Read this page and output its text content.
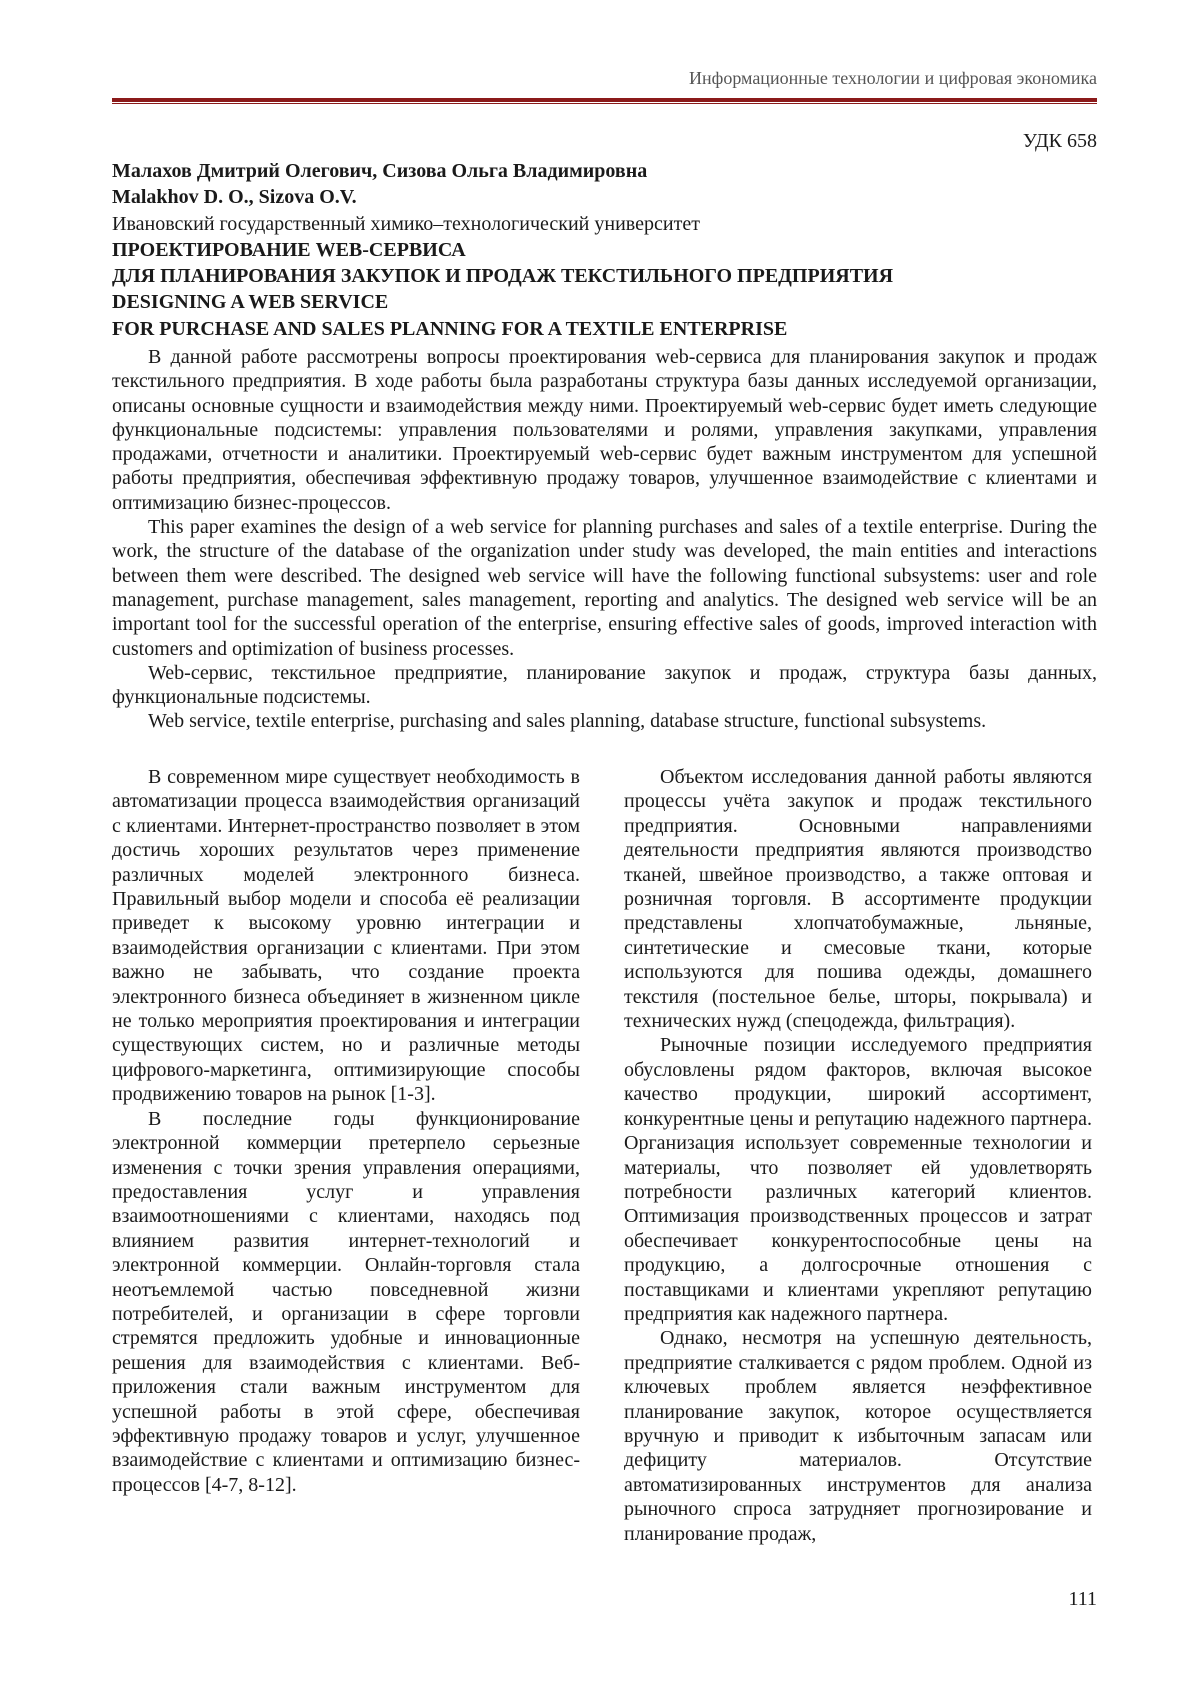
Информационные технологии и цифровая экономика
УДК 658
Малахов Дмитрий Олегович, Сизова Ольга Владимировна
Malakhov D. O., Sizova O.V.
Ивановский государственный химико–технологический университет
ПРОЕКТИРОВАНИЕ WEB-СЕРВИСА
ДЛЯ ПЛАНИРОВАНИЯ ЗАКУПОК И ПРОДАЖ ТЕКСТИЛЬНОГО ПРЕДПРИЯТИЯ
DESIGNING A WEB SERVICE
FOR PURCHASE AND SALES PLANNING FOR A TEXTILE ENTERPRISE

В данной работе рассмотрены вопросы проектирования web-сервиса для планирования закупок и продаж текстильного предприятия. В ходе работы была разработаны структура базы данных исследуемой организации, описаны основные сущности и взаимодействия между ними. Проектируемый web-сервис будет иметь следующие функциональные подсистемы: управления пользователями и ролями, управления закупками, управления продажами, отчетности и аналитики. Проектируемый web-сервис будет важным инструментом для успешной работы предприятия, обеспечивая эффективную продажу товаров, улучшенное взаимодействие с клиентами и оптимизацию бизнес-процессов.

This paper examines the design of a web service for planning purchases and sales of a textile enterprise. During the work, the structure of the database of the organization under study was developed, the main entities and interactions between them were described. The designed web service will have the following functional subsystems: user and role management, purchase management, sales management, reporting and analytics. The designed web service will be an important tool for the successful operation of the enterprise, ensuring effective sales of goods, improved interaction with customers and optimization of business processes.

Web-сервис, текстильное предприятие, планирование закупок и продаж, структура базы данных, функциональные подсистемы.

Web service, textile enterprise, purchasing and sales planning, database structure, functional subsystems.

В современном мире существует необходимость в автоматизации процесса взаимодействия организаций с клиентами. Интернет-пространство позволяет в этом достичь хороших результатов через применение различных моделей электронного бизнеса. Правильный выбор модели и способа её реализации приведет к высокому уровню интеграции и взаимодействия организации с клиентами. При этом важно не забывать, что создание проекта электронного бизнеса объединяет в жизненном цикле не только мероприятия проектирования и интеграции существующих систем, но и различные методы цифрового-маркетинга, оптимизирующие способы продвижению товаров на рынок [1-3].

В последние годы функционирование электронной коммерции претерпело серьезные изменения с точки зрения управления операциями, предоставления услуг и управления взаимоотношениями с клиентами, находясь под влиянием развития интернет-технологий и электронной коммерции. Онлайн-торговля стала неотъемлемой частью повседневной жизни потребителей, и организации в сфере торговли стремятся предложить удобные и инновационные решения для взаимодействия с клиентами. Веб-приложения стали важным инструментом для успешной работы в этой сфере, обеспечивая эффективную продажу товаров и услуг, улучшенное взаимодействие с клиентами и оптимизацию бизнес-процессов [4-7, 8-12].

Объектом исследования данной работы являются процессы учёта закупок и продаж текстильного предприятия. Основными направлениями деятельности предприятия являются производство тканей, швейное производство, а также оптовая и розничная торговля. В ассортименте продукции представлены хлопчатобумажные, льняные, синтетические и смесовые ткани, которые используются для пошива одежды, домашнего текстиля (постельное белье, шторы, покрывала) и технических нужд (спецодежда, фильтрация).

Рыночные позиции исследуемого предприятия обусловлены рядом факторов, включая высокое качество продукции, широкий ассортимент, конкурентные цены и репутацию надежного партнера. Организация использует современные технологии и материалы, что позволяет ей удовлетворять потребности различных категорий клиентов. Оптимизация производственных процессов и затрат обеспечивает конкурентоспособные цены на продукцию, а долгосрочные отношения с поставщиками и клиентами укрепляют репутацию предприятия как надежного партнера.

Однако, несмотря на успешную деятельность, предприятие сталкивается с рядом проблем. Одной из ключевых проблем является неэффективное планирование закупок, которое осуществляется вручную и приводит к избыточным запасам или дефициту материалов. Отсутствие автоматизированных инструментов для анализа рыночного спроса затрудняет прогнозирование и планирование продаж,

111
